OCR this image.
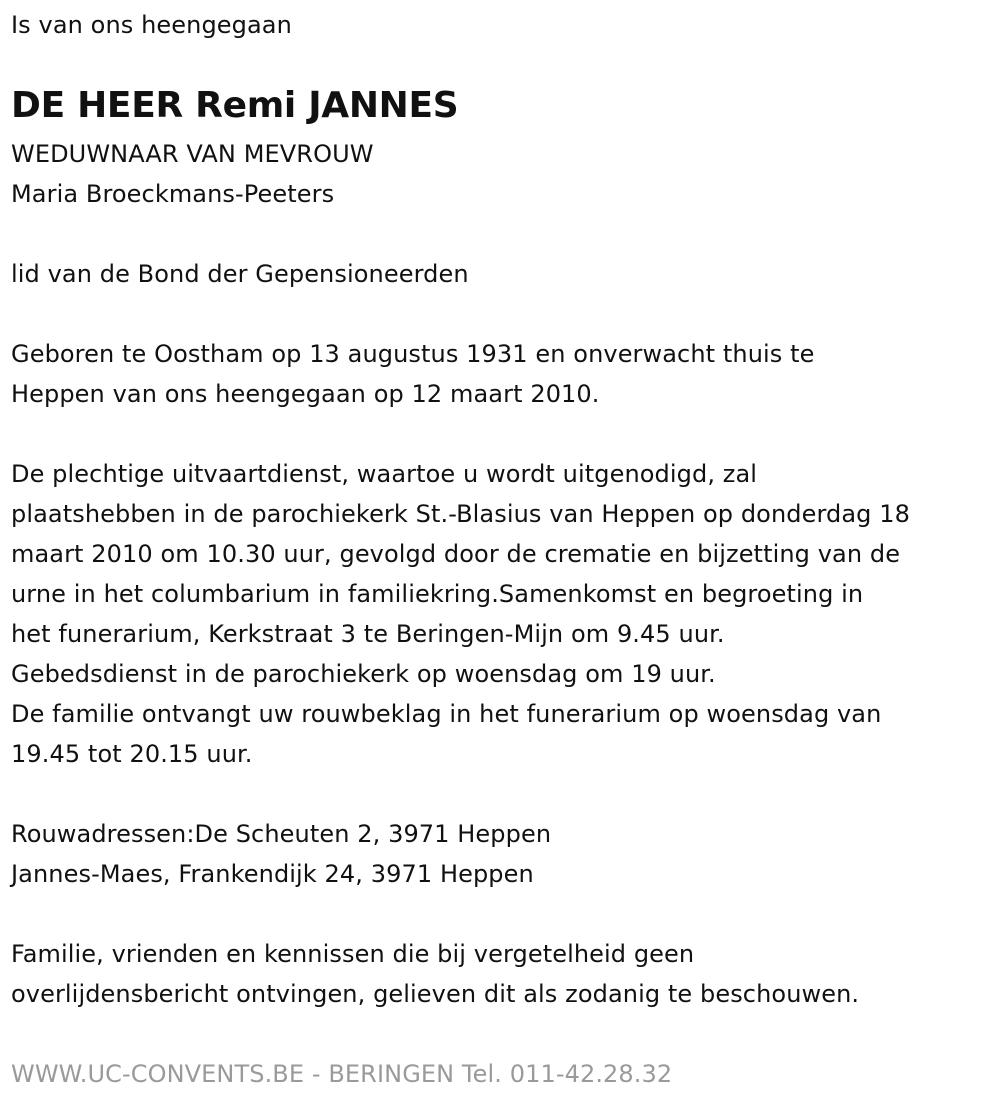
Is van ons heengegaan
DE HEER Remi JANNES
WEDUWNAAR VAN MEVROUW
Maria Broeckmans-Peeters
lid van de Bond der Gepensioneerden
Geboren te Oostham op 13 augustus 1931 en onverwacht thuis te
Heppen van ons heengegaan op 12 maart 2010.
De plechtige uitvaartdienst, waartoe u wordt uitgenodigd, zal
plaatshebben in de parochiekerk St.-Blasius van Heppen op donderdag 18
maart 2010 om 10.30 uur, gevolgd door de crematie en bijzetting van de
urne in het columbarium in familiekring.Samenkomst en begroeting in
het funerarium, Kerkstraat 3 te Beringen-Mijn om 9.45 uur.
Gebedsdienst in de parochiekerk op woensdag om 19 uur.
De familie ontvangt uw rouwbeklag in het funerarium op woensdag van
19.45 tot 20.15 uur.
Rouwadressen:De Scheuten 2, 3971 Heppen
Jannes-Maes, Frankendijk 24, 3971 Heppen
Familie, vrienden en kennissen die bij vergetelheid geen
overlijdensbericht ontvingen, gelieven dit als zodanig te beschouwen.
WWW.UC-CONVENTS.BE - BERINGEN Tel. 011-42.28.32
